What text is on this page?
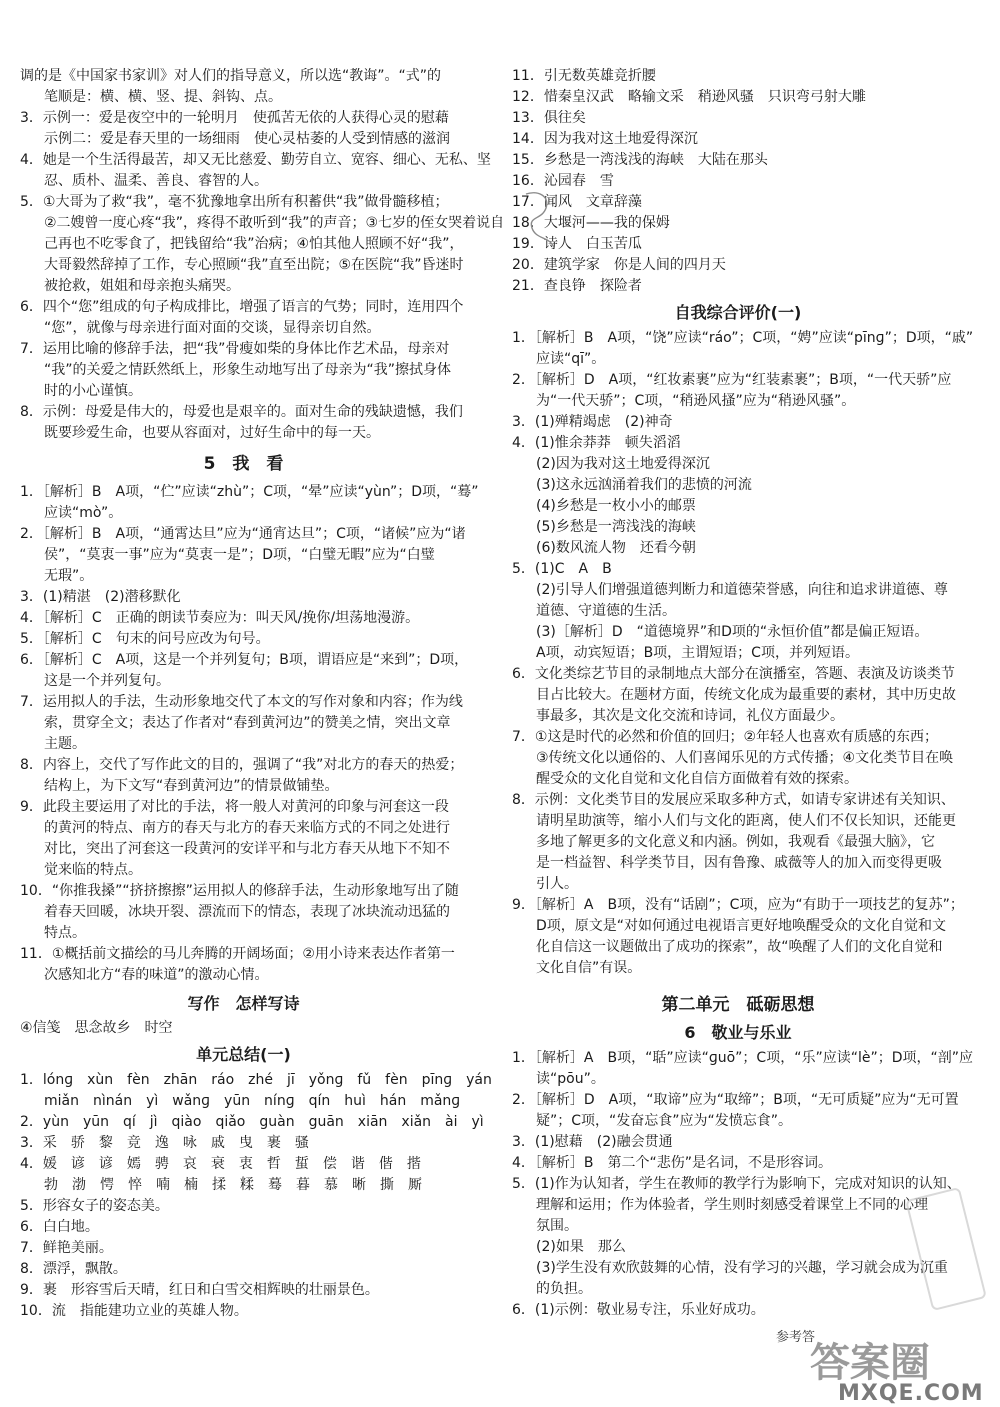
调的是《中国家书家训》对人们的指导意义，所以选“教诲”。“式”的
笔顺是：横、横、竖、提、斜钩、点。
3．示例一：爱是夜空中的一轮明月　使孤苦无依的人获得心灵的慰藉
示例二：爱是春天里的一场细雨　使心灵枯萎的人受到情感的滋润
4．她是一个生活得最苦，却又无比慈爱、勤劳自立、宽容、细心、无私、坚
忍、质朴、温柔、善良、睿智的人。
5．①大哥为了救“我”，毫不犹豫地拿出所有积蓄供“我”做骨髓移植；
②二嫂曾一度心疼“我”，疼得不敢听到“我”的声音；③七岁的侄女哭着说自
己再也不吃零食了，把钱留给“我”治病；④怕其他人照顾不好“我”，
大哥毅然辞掉了工作，专心照顾“我”直至出院；⑤在医院“我”昏迷时
被抢救，姐姐和母亲抱头痛哭。
6．四个“您”组成的句子构成排比，增强了语言的气势；同时，连用四个
“您”，就像与母亲进行面对面的交谈，显得亲切自然。
7．运用比喻的修辞手法，把“我”骨瘦如柴的身体比作艺术品，母亲对
“我”的关爱之情跃然纸上，形象生动地写出了母亲为“我”擦拭身体
时的小心谨慎。
8．示例：母爱是伟大的，母爱也是艰辛的。面对生命的残缺遗憾，我们
既要珍爱生命，也要从容面对，过好生命中的每一天。
5　我　看
1．［解析］B　A项，“伫”应读“zhù”；C项，“晕”应读“yùn”；D项，“蓦”
应读“mò”。
2．［解析］B　A项，“通霄达旦”应为“通宵达旦”；C项，“诸候”应为“诸
侯”，“莫衷一事”应为“莫衷一是”；D项，“白璧无暇”应为“白璧
无瑕”。
3．(1)精湛　(2)潜移默化
4．［解析］C　正确的朗读节奏应为：叫天风/挽你/坦荡地漫游。
5．［解析］C　句末的问号应改为句号。
6．［解析］C　A项，这是一个并列复句；B项，谓语应是“来到”；D项，
这是一个并列复句。
7．运用拟人的手法，生动形象地交代了本文的写作对象和内容；作为线
索，贯穿全文；表达了作者对“春到黄河边”的赞美之情，突出文章
主题。
8．内容上，交代了写作此文的目的，强调了“我”对北方的春天的热爱；
结构上，为下文写“春到黄河边”的情景做铺垫。
9．此段主要运用了对比的手法，将一般人对黄河的印象与河套这一段
的黄河的特点、南方的春天与北方的春天来临方式的不同之处进行
对比，突出了河套这一段黄河的安详平和与北方春天从地下不知不
觉来临的特点。
10．“你推我搡”“挤挤擦擦”运用拟人的修辞手法，生动形象地写出了随
着春天回暖，冰块开裂、漂流而下的情态，表现了冰块流动迅猛的
特点。
11．①概括前文描绘的马儿奔腾的开阔场面；②用小诗来表达作者第一
次感知北方“春的味道”的激动心情。
写作　怎样写诗
④信笺　思念故乡　时空
单元总结(一)
1．lónɡ　xùn　fèn　zhān　ráo　zhé　jī　yǒnɡ　fǔ　fèn　pīnɡ　yán
miǎn　nìnán　yì　wǎnɡ　yūn　nínɡ　qín　huì　hán　mǎnɡ
2．yùn　yūn　qí　jì　qiào　qiǎo　guàn　guān　xiān　xiǎn　ài　yì
3．采　骄　黎　竞　逸　咏　戚　曳　裹　骚
4．媛　谚　谚　嫣　骋　哀　衰　衷　哲　蜇　偿　谐　偕　揩
勃　渤　愕　悴　喃　楠　揉　糅　蓦　暮　慕　晰　撕　厮
5．形容女子的姿态美。
6．白白地。
7．鲜艳美丽。
8．漂浮，飘散。
9．裹　形容雪后天晴，红日和白雪交相辉映的壮丽景色。
10．流　指能建功立业的英雄人物。
11．引无数英雄竞折腰
12．惜秦皇汉武　略输文采　稍逊风骚　只识弯弓射大雕
13．俱往矣
14．因为我对这土地爱得深沉
15．乡愁是一湾浅浅的海峡　大陆在那头
16．沁园春　雪
17．闻风　文章辞藻
18．大堰河——我的保姆
19．诗人　白玉苦瓜
20．建筑学家　你是人间的四月天
21．查良铮　探险者
自我综合评价(一)
1．［解析］B　A项，“饶”应读“ráo”；C项，“娉”应读“pīnɡ”；D项，“戚”
应读“qī”。
2．［解析］D　A项，“红妆素裹”应为“红装素裹”；B项，“一代天骄”应
为“一代天骄”；C项，“稍逊风搔”应为“稍逊风骚”。
3．(1)殚精竭虑　(2)神奇
4．(1)惟余莽莽　顿失滔滔
(2)因为我对这土地爱得深沉
(3)这永远汹涌着我们的悲愤的河流
(4)乡愁是一枚小小的邮票
(5)乡愁是一湾浅浅的海峡
(6)数风流人物　还看今朝
5．(1)C　A　B
(2)引导人们增强道德判断力和道德荣誉感，向往和追求讲道德、尊
道德、守道德的生活。
(3)［解析］D　“道德境界”和D项的“永恒价值”都是偏正短语。
A项，动宾短语；B项，主谓短语；C项，并列短语。
6．文化类综艺节目的录制地点大部分在演播室，答题、表演及访谈类节
目占比较大。在题材方面，传统文化成为最重要的素材，其中历史故
事最多，其次是文化交流和诗词，礼仪方面最少。
7．①这是时代的必然和价值的回归；②年轻人也喜欢有质感的东西；
③传统文化以通俗的、人们喜闻乐见的方式传播；④文化类节目在唤
醒受众的文化自觉和文化自信方面做着有效的探索。
8．示例：文化类节目的发展应采取多种方式，如请专家讲述有关知识、
请明星助演等，缩小人们与文化的距离，使人们不仅长知识，还能更
多地了解更多的文化意义和内涵。例如，我观看《最强大脑》，它
是一档益智、科学类节目，因有鲁豫、戚薇等人的加入而变得更吸
引人。
9．［解析］A　B项，没有“话剧”；C项，应为“有助于一项技艺的复苏”；
D项，原文是“对如何通过电视语言更好地唤醒受众的文化自觉和文
化自信这一议题做出了成功的探索”，故“唤醒了人们的文化自觉和
文化自信”有误。
第二单元　砥砺思想
6　敬业与乐业
1．［解析］A　B项，“聒”应读“ɡuō”；C项，“乐”应读“lè”；D项，“剖”应
读“pōu”。
2．［解析］D　A项，“取谛”应为“取缔”；B项，“无可质疑”应为“无可置
疑”；C项，“发奋忘食”应为“发愤忘食”。
3．(1)慰藉　(2)融会贯通
4．［解析］B　第二个“悲伤”是名词，不是形容词。
5．(1)作为认知者，学生在教师的教学行为影响下，完成对知识的认知、
理解和运用；作为体验者，学生则时刻感受着课堂上不同的心理
氛围。
(2)如果　那么
(3)学生没有欢欣鼓舞的心情，没有学习的兴趣，学习就会成为沉重
的负担。
6．(1)示例：敬业易专注，乐业好成功。
参考答
答案圈
MXQE.COM
